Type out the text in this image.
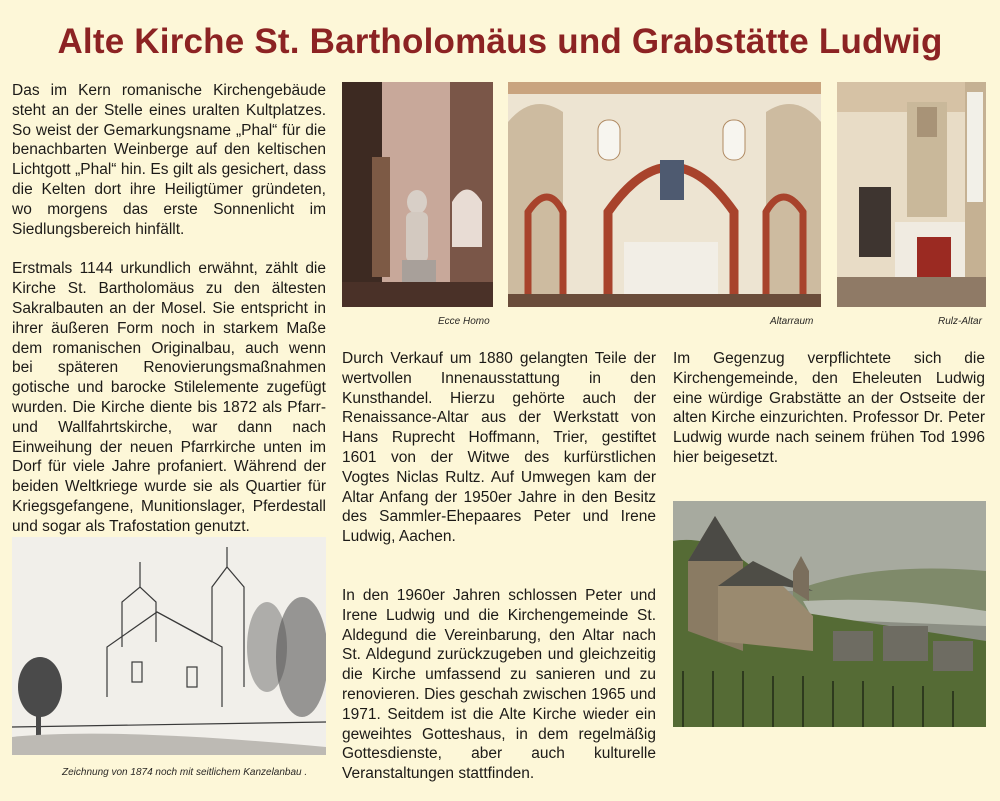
Alte Kirche St. Bartholomäus und Grabstätte Ludwig

Das im Kern romanische Kirchengebäude steht an der Stelle eines uralten Kultplatzes. So weist der Gemarkungsname „Phal“ für die benachbarten Weinberge auf den keltischen Lichtgott „Phal“ hin. Es gilt als gesichert, dass die Kelten dort ihre Heiligtümer gründeten, wo morgens das erste Sonnenlicht im Siedlungsbereich hinfällt.

Erstmals 1144 urkundlich erwähnt, zählt die Kirche St. Bartholomäus zu den ältesten Sakralbauten an der Mosel. Sie entspricht in ihrer äußeren Form noch in starkem Maße dem romanischen Originalbau, auch wenn bei späteren Renovierungsmaßnahmen gotische und barocke Stilelemente zugefügt wurden. Die Kirche diente bis 1872 als Pfarr- und Wallfahrtskirche, war dann nach Einweihung der neuen Pfarrkirche unten im Dorf für viele Jahre profaniert. Während der beiden Weltkriege wurde sie als Quartier für Kriegsgefangene, Munitionslager, Pferdestall und sogar als Trafostation genutzt.

Durch Verkauf um 1880 gelangten Teile der wertvollen Innenausstattung in den Kunsthandel. Hierzu gehörte auch der Renaissance-Altar aus der Werkstatt von Hans Ruprecht Hoffmann, Trier, gestiftet 1601 von der Witwe des kurfürstlichen Vogtes Niclas Rultz. Auf Umwegen kam der Altar Anfang der 1950er Jahre in den Besitz des Sammler-Ehepaares Peter und Irene Ludwig, Aachen.

In den 1960er Jahren schlossen Peter und Irene Ludwig und die Kirchengemeinde St. Aldegund die Vereinbarung, den Altar nach St. Aldegund zurückzugeben und gleichzeitig die Kirche umfassend zu sanieren und zu renovieren. Dies geschah zwischen 1965 und 1971. Seitdem ist die Alte Kirche wieder ein geweihtes Gotteshaus, in dem regelmäßig Gottesdienste, aber auch kulturelle Veranstaltungen stattfinden.

Im Gegenzug verpflichtete sich die Kirchengemeinde, den Eheleuten Ludwig eine würdige Grabstätte an der Ostseite der alten Kirche einzurichten. Professor Dr. Peter Ludwig wurde nach seinem frühen Tod 1996 hier beigesetzt.

Ecce Homo	Altarraum	Rulz-Altar
Zeichnung von 1874 noch mit seitlichem Kanzelanbau .
